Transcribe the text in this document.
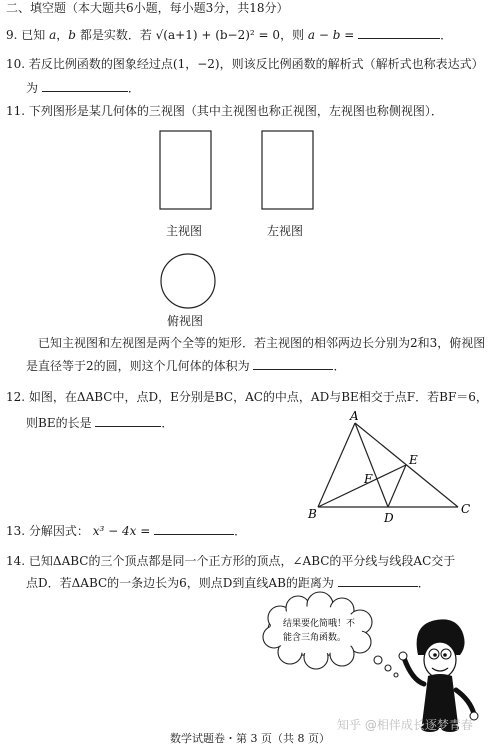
二、填空题（本大题共6小题，每小题3分，共18分）
9. 已知 a，b 都是实数．若 √(a+1) + (b−2)² = 0，则 a − b =	．
10. 若反比例函数的图象经过点(1，−2)，则该反比例函数的解析式（解析式也称表达式）
为	．
11. 下列图形是某几何体的三视图（其中主视图也称正视图，左视图也称侧视图）．
主视图	左视图
俯视图
已知主视图和左视图是两个全等的矩形．若主视图的相邻两边长分别为2和3，俯视图
是直径等于2的圆，则这个几何体的体积为	．
12. 如图，在ΔABC中，点D，E分别是BC，AC的中点，AD与BE相交于点F．若BF＝6，
则BE的长是	．	A
B	C
D
E
F
13. 分解因式： x³ − 4x =	．
14. 已知ΔABC的三个顶点都是同一个正方形的顶点，∠ABC的平分线与线段AC交于
点D．若ΔABC的一条边长为6，则点D到直线AB的距离为	．
结果要化简哦！不
能含三角函数。
知乎 @相伴成长逐梦青春
数学试题卷・第 3 页（共 8 页）
